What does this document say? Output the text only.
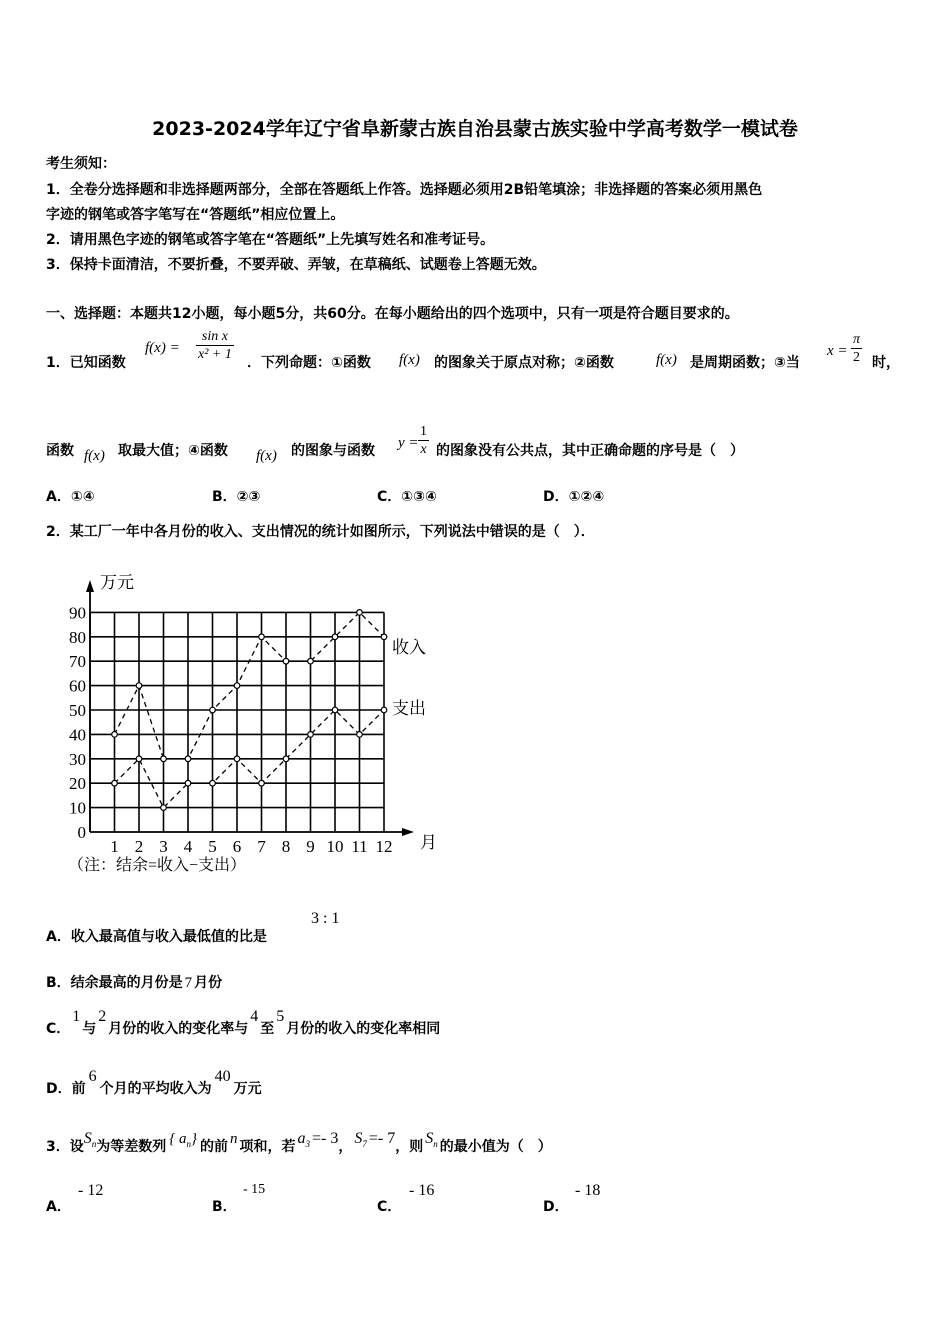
2023-2024学年辽宁省阜新蒙古族自治县蒙古族实验中学高考数学一模试卷
考生须知：
1．全卷分选择题和非选择题两部分，全部在答题纸上作答。选择题必须用2B铅笔填涂；非选择题的答案必须用黑色
字迹的钢笔或答字笔写在“答题纸”相应位置上。
2．请用黑色字迹的钢笔或答字笔在“答题纸”上先填写姓名和准考证号。
3．保持卡面清洁，不要折叠，不要弄破、弄皱，在草稿纸、试题卷上答题无效。
一、选择题：本题共12小题，每小题5分，共60分。在每小题给出的四个选项中，只有一项是符合题目要求的。
1．已知函数
$f(x) = \frac{\text{sin x}}{\text{x² + 1}}$ ．下列命题：①函数 f(x) 的图象关于原点对称；②函数	f(x) 是周期函数；③当
$x = \frac{\pi}{2}$ 时，
函数 f(x) 取最大值；④函数 f(x) 的图象与函数 $y = \frac{1}{x}$ 的图象没有公共点，其中正确命题的序号是（　）
A．①④	B．②③	C．①③④	D．①②④
2．某工厂一年中各月份的收入、支出情况的统计如图所示，下列说法中错误的是（　）．
0
10
20
30
40
50
60
70
80
90
1 2 3 4 5 6 7 8 9 10 11 12
万元
月
（注：结余=收入−支出）
收入
支出
A．收入最高值与收入最低值的比是
3 : 1
B．结余最高的月份是 7 月份
C．1与2月份的收入的变化率与4至5月份的收入的变化率相同
D．前6个月的平均收入为40万元
3．设$S_n$为等差数列 { $a_n$} 的前 n 项和，若 $a_3 =- 3$， $S_7 =- 7$，则 $S_n$ 的最小值为（　）
A．
- 12
B．
- 15
C．
- 16
D．
- 18
